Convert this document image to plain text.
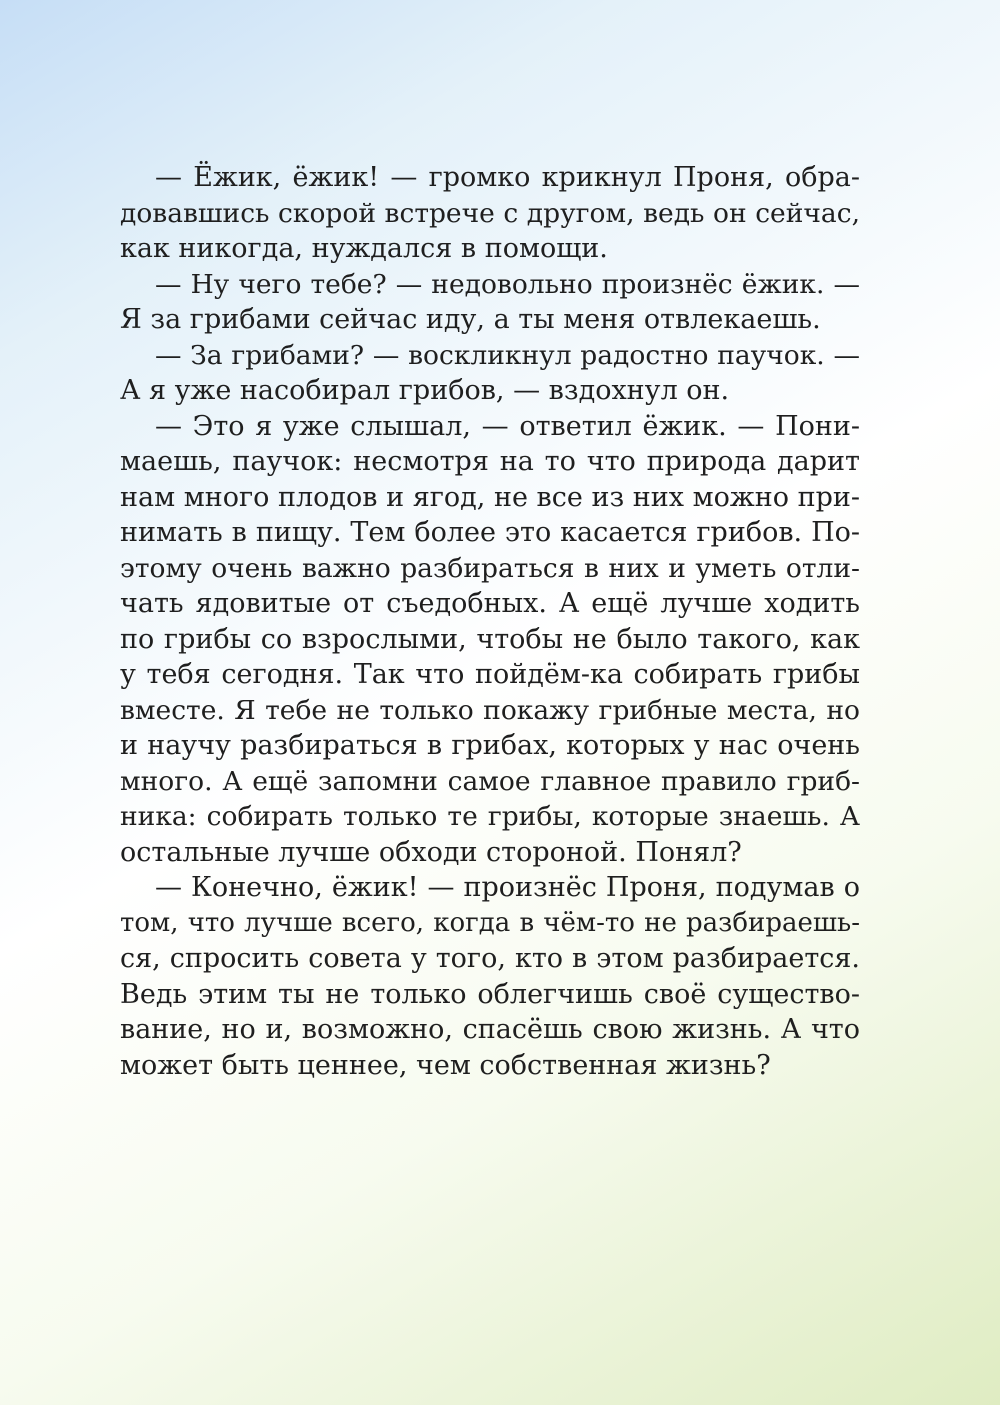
— Ёжик, ёжик! — громко крикнул Проня, обра-
довавшись скорой встрече с другом, ведь он сейчас,
как никогда, нуждался в помощи.
— Ну чего тебе? — недовольно произнёс ёжик. —
Я за грибами сейчас иду, а ты меня отвлекаешь.
— За грибами? — воскликнул радостно паучок. —
А я уже насобирал грибов, — вздохнул он.
— Это я уже слышал, — ответил ёжик. — Пони-
маешь, паучок: несмотря на то что природа дарит
нам много плодов и ягод, не все из них можно при-
нимать в пищу. Тем более это касается грибов. По-
этому очень важно разбираться в них и уметь отли-
чать ядовитые от съедобных. А ещё лучше ходить
по грибы со взрослыми, чтобы не было такого, как
у тебя сегодня. Так что пойдём-ка собирать грибы
вместе. Я тебе не только покажу грибные места, но
и научу разбираться в грибах, которых у нас очень
много. А ещё запомни самое главное правило гриб-
ника: собирать только те грибы, которые знаешь. А
остальные лучше обходи стороной. Понял?
— Конечно, ёжик! — произнёс Проня, подумав о
том, что лучше всего, когда в чём-то не разбираешь-
ся, спросить совета у того, кто в этом разбирается.
Ведь этим ты не только облегчишь своё существо-
вание, но и, возможно, спасёшь свою жизнь. А что
может быть ценнее, чем собственная жизнь?
